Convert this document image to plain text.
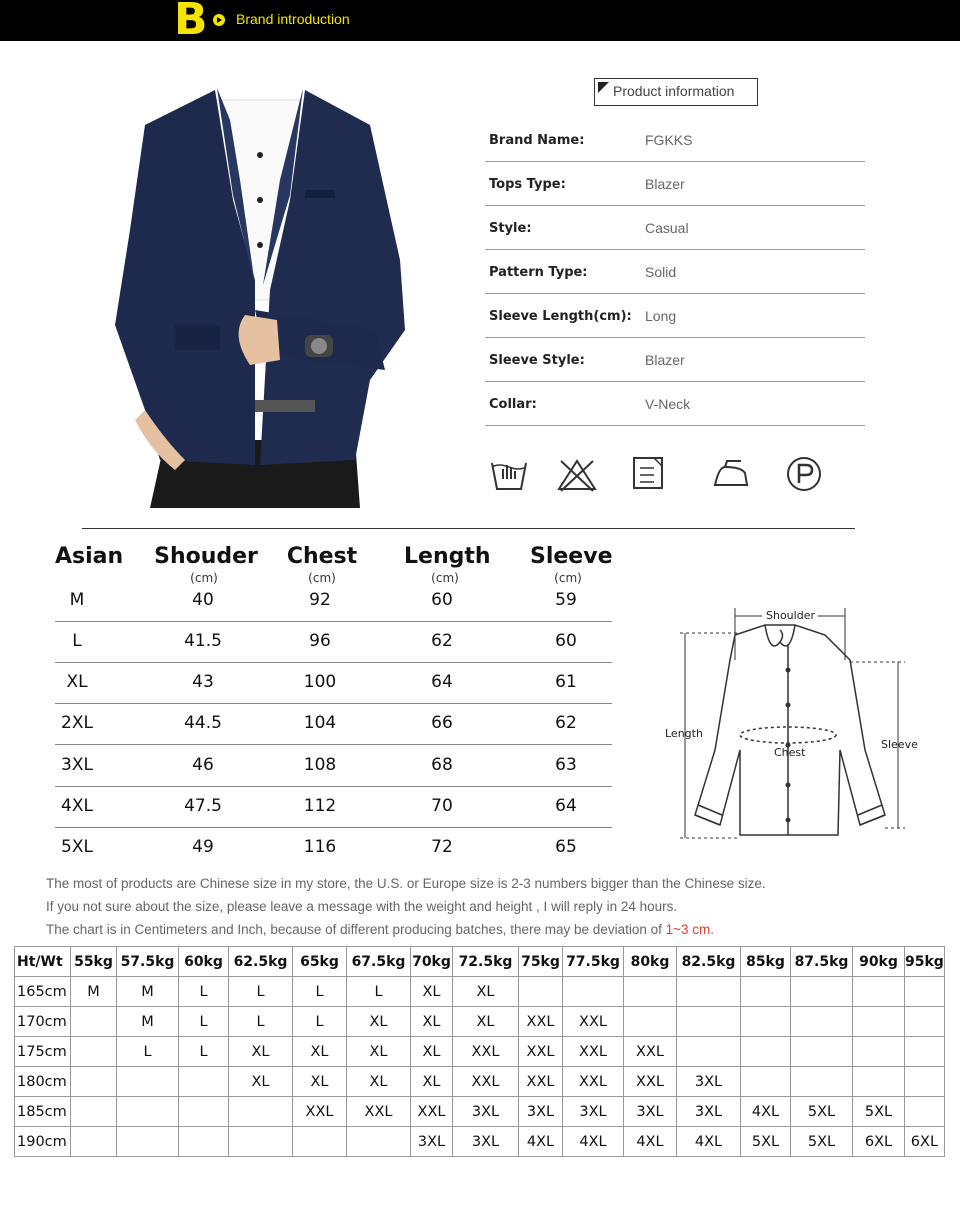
B Brand introduction
Product information
Brand Name:	FGKKS
Tops Type:	Blazer
Style:	Casual
Pattern Type:	Solid
Sleeve Length(cm): Long
Sleeve Style:	Blazer
Collar:	V-Neck
Asian Shouder Chest Length Sleeve
(cm)	(cm)	(cm)	(cm)
M	40	92	60	59
L	41.5	96	62	60
XL	43	100	64	61
2XL	44.5	104	66	62
3XL	46	108	68	63
4XL	47.5	112	70	64
5XL	49	116	72	65
Shoulder
Length
Chest
Sleeve
The most of products are Chinese size in my store, the U.S. or Europe size is 2-3 numbers bigger than the Chinese size.
If you not sure about the size, please leave a message with the weight and height , I will reply in 24 hours.
The chart is in Centimeters and Inch, because of different producing batches, there may be deviation of 1~3 cm.
Ht/Wt	55kg	57.5kg	60kg	62.5kg	65kg	67.5kg	70kg	72.5kg	75kg	77.5kg	80kg	82.5kg	85kg	87.5kg	90kg	95kg
165cm	M	M	L	L	L	L	XL	XL								
170cm		M	L	L	L	XL	XL	XL	XXL	XXL						
175cm		L	L	XL	XL	XL	XL	XXL	XXL	XXL	XXL					
180cm				XL	XL	XL	XL	XXL	XXL	XXL	XXL	3XL				
185cm					XXL	XXL	XXL	3XL	3XL	3XL	3XL	3XL	4XL	5XL	5XL	
190cm							3XL	3XL	4XL	4XL	4XL	4XL	5XL	5XL	6XL	6XL
